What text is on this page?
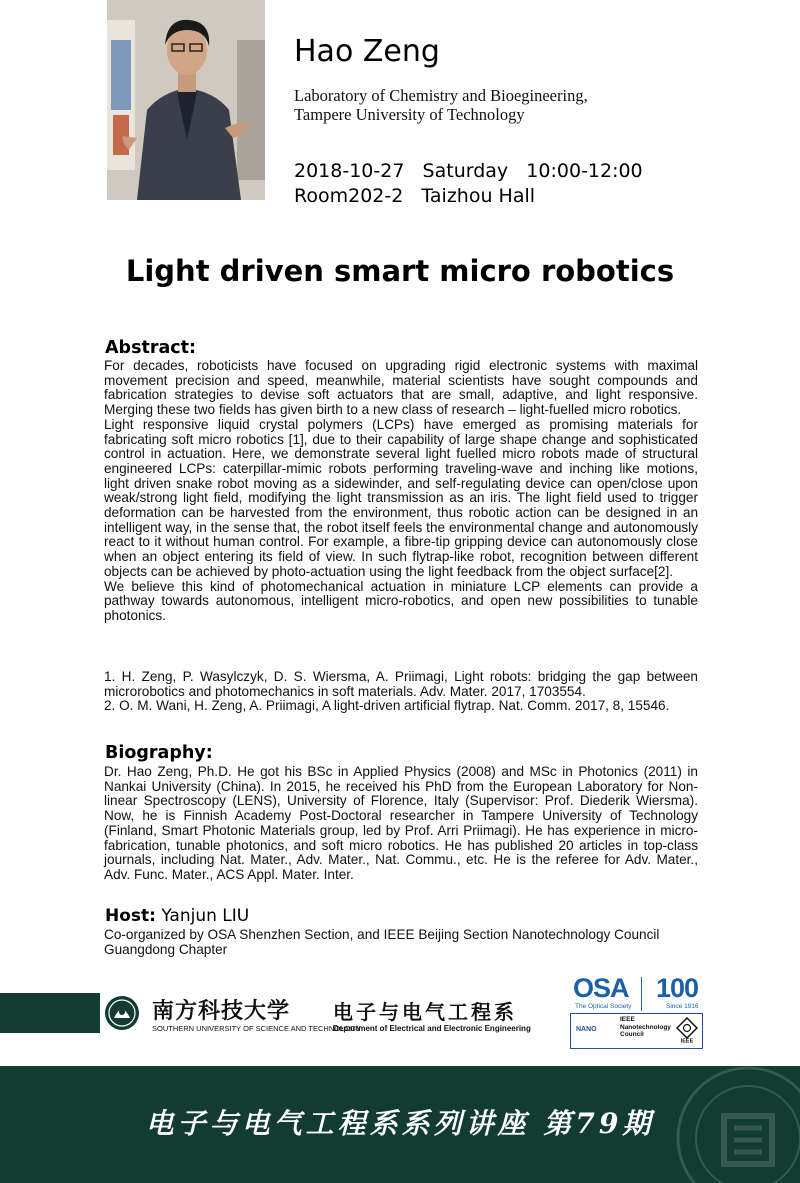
Hao Zeng
Laboratory of Chemistry and Bioegineering,
Tampere University of Technology
2018-10-27   Saturday   10:00-12:00
Room202-2   Taizhou Hall
Light driven smart micro robotics
Abstract:

For decades, roboticists have focused on upgrading rigid electronic systems with maximal movement precision and speed, meanwhile, material scientists have sought compounds and fabrication strategies to devise soft actuators that are small, adaptive, and light responsive. Merging these two fields has given birth to a new class of research – light-fuelled micro robotics.

Light responsive liquid crystal polymers (LCPs) have emerged as promising materials for fabricating soft micro robotics [1], due to their capability of large shape change and sophisticated control in actuation. Here, we demonstrate several light fuelled micro robots made of structural engineered LCPs: caterpillar-mimic robots performing traveling-wave and inching like motions, light driven snake robot moving as a sidewinder, and self-regulating device can open/close upon weak/strong light field, modifying the light transmission as an iris. The light field used to trigger deformation can be harvested from the environment, thus robotic action can be designed in an intelligent way, in the sense that, the robot itself feels the environmental change and autonomously react to it without human control. For example, a fibre-tip gripping device can autonomously close when an object entering its field of view. In such flytrap-like robot, recognition between different objects can be achieved by photo-actuation using the light feedback from the object surface[2].

We believe this kind of photomechanical actuation in miniature LCP elements can provide a pathway towards autonomous, intelligent micro-robotics, and open new possibilities to tunable photonics.

1. H. Zeng, P. Wasylczyk, D. S. Wiersma, A. Priimagi, Light robots: bridging the gap between microrobotics and photomechanics in soft materials. Adv. Mater. 2017, 1703554.

2. O. M. Wani, H. Zeng, A. Priimagi, A light-driven artificial flytrap. Nat. Comm. 2017, 8, 15546.

Biography:

Dr. Hao Zeng, Ph.D. He got his BSc in Applied Physics (2008) and MSc in Photonics (2011) in Nankai University (China). In 2015, he received his PhD from the European Laboratory for Non-linear Spectroscopy (LENS), University of Florence, Italy (Supervisor: Prof. Diederik Wiersma). Now, he is Finnish Academy Post-Doctoral researcher in Tampere University of Technology (Finland, Smart Photonic Materials group, led by Prof. Arri Priimagi). He has experience in micro-fabrication, tunable photonics, and soft micro robotics. He has published 20 articles in top-class journals, including Nat. Mater., Adv. Mater., Nat. Commu., etc. He is the referee for Adv. Mater., Adv. Func. Mater., ACS Appl. Mater. Inter.

Host: Yanjun LIU
Co-organized by OSA Shenzhen Section, and IEEE Beijing Section Nanotechnology Council Guangdong Chapter
南方科技大学
SOUTHERN UNIVERSITY OF SCIENCE AND TECHNOLOGY
电子与电气工程系
Department of Electrical and Electronic Engineering
OSA
The Optical Society
100
Since 1916
NANO
IEEE Nanotechnology Council
IEEE
电子与电气工程系系列讲座 第79期
